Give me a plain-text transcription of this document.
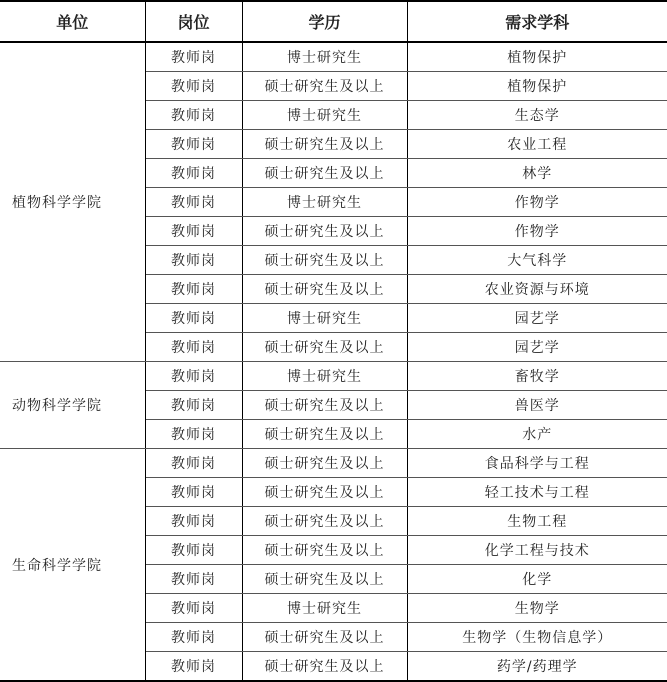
单位	岗位	学历	需求学科
植物科学学院	教师岗	博士研究生	植物保护
	教师岗	硕士研究生及以上	植物保护
	教师岗	博士研究生	生态学
	教师岗	硕士研究生及以上	农业工程
	教师岗	硕士研究生及以上	林学
	教师岗	博士研究生	作物学
	教师岗	硕士研究生及以上	作物学
	教师岗	硕士研究生及以上	大气科学
	教师岗	硕士研究生及以上	农业资源与环境
	教师岗	博士研究生	园艺学
	教师岗	硕士研究生及以上	园艺学
动物科学学院	教师岗	博士研究生	畜牧学
	教师岗	硕士研究生及以上	兽医学
	教师岗	硕士研究生及以上	水产
生命科学学院	教师岗	硕士研究生及以上	食品科学与工程
	教师岗	硕士研究生及以上	轻工技术与工程
	教师岗	硕士研究生及以上	生物工程
	教师岗	硕士研究生及以上	化学工程与技术
	教师岗	硕士研究生及以上	化学
	教师岗	博士研究生	生物学
	教师岗	硕士研究生及以上	生物学（生物信息学）
	教师岗	硕士研究生及以上	药学/药理学
